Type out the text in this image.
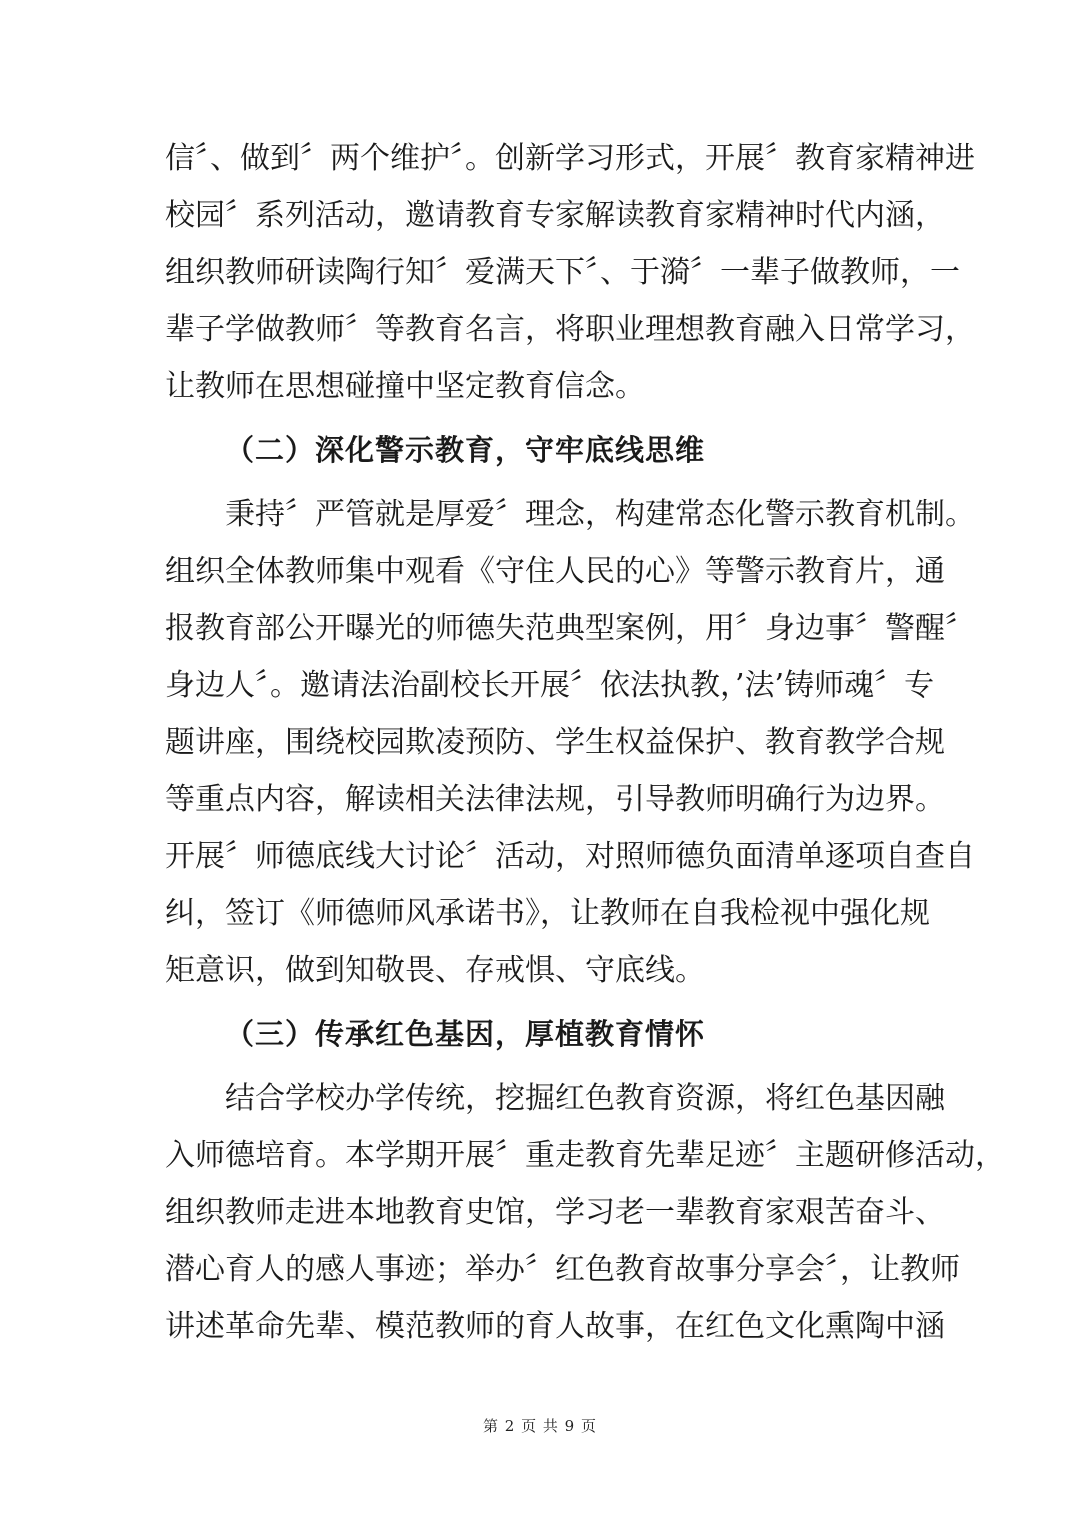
信〞、做到〞两个维护〞。创新学习形式，开展〞教育家精神进
校园〞系列活动，邀请教育专家解读教育家精神时代内涵，
组织教师研读陶行知〞爱满天下〞、于漪〞一辈子做教师，一
辈子学做教师〞等教育名言，将职业理想教育融入日常学习，
让教师在思想碰撞中坚定教育信念。
（二）深化警示教育，守牢底线思维
秉持〞严管就是厚爱〞理念，构建常态化警示教育机制。
组织全体教师集中观看《守住人民的心》等警示教育片，通
报教育部公开曝光的师德失范典型案例，用〞身边事〞警醒〞
身边人〞。邀请法治副校长开展〞依法执教，’法’铸师魂〞专
题讲座，围绕校园欺凌预防、学生权益保护、教育教学合规
等重点内容，解读相关法律法规，引导教师明确行为边界。
开展〞师德底线大讨论〞活动，对照师德负面清单逐项自查自
纠，签订《师德师风承诺书》，让教师在自我检视中强化规
矩意识，做到知敬畏、存戒惧、守底线。
（三）传承红色基因，厚植教育情怀
结合学校办学传统，挖掘红色教育资源，将红色基因融
入师德培育。本学期开展〞重走教育先辈足迹〞主题研修活动，
组织教师走进本地教育史馆，学习老一辈教育家艰苦奋斗、
潜心育人的感人事迹；举办〞红色教育故事分享会〞，让教师
讲述革命先辈、模范教师的育人故事，在红色文化熏陶中涵
第 2 页 共 9 页
